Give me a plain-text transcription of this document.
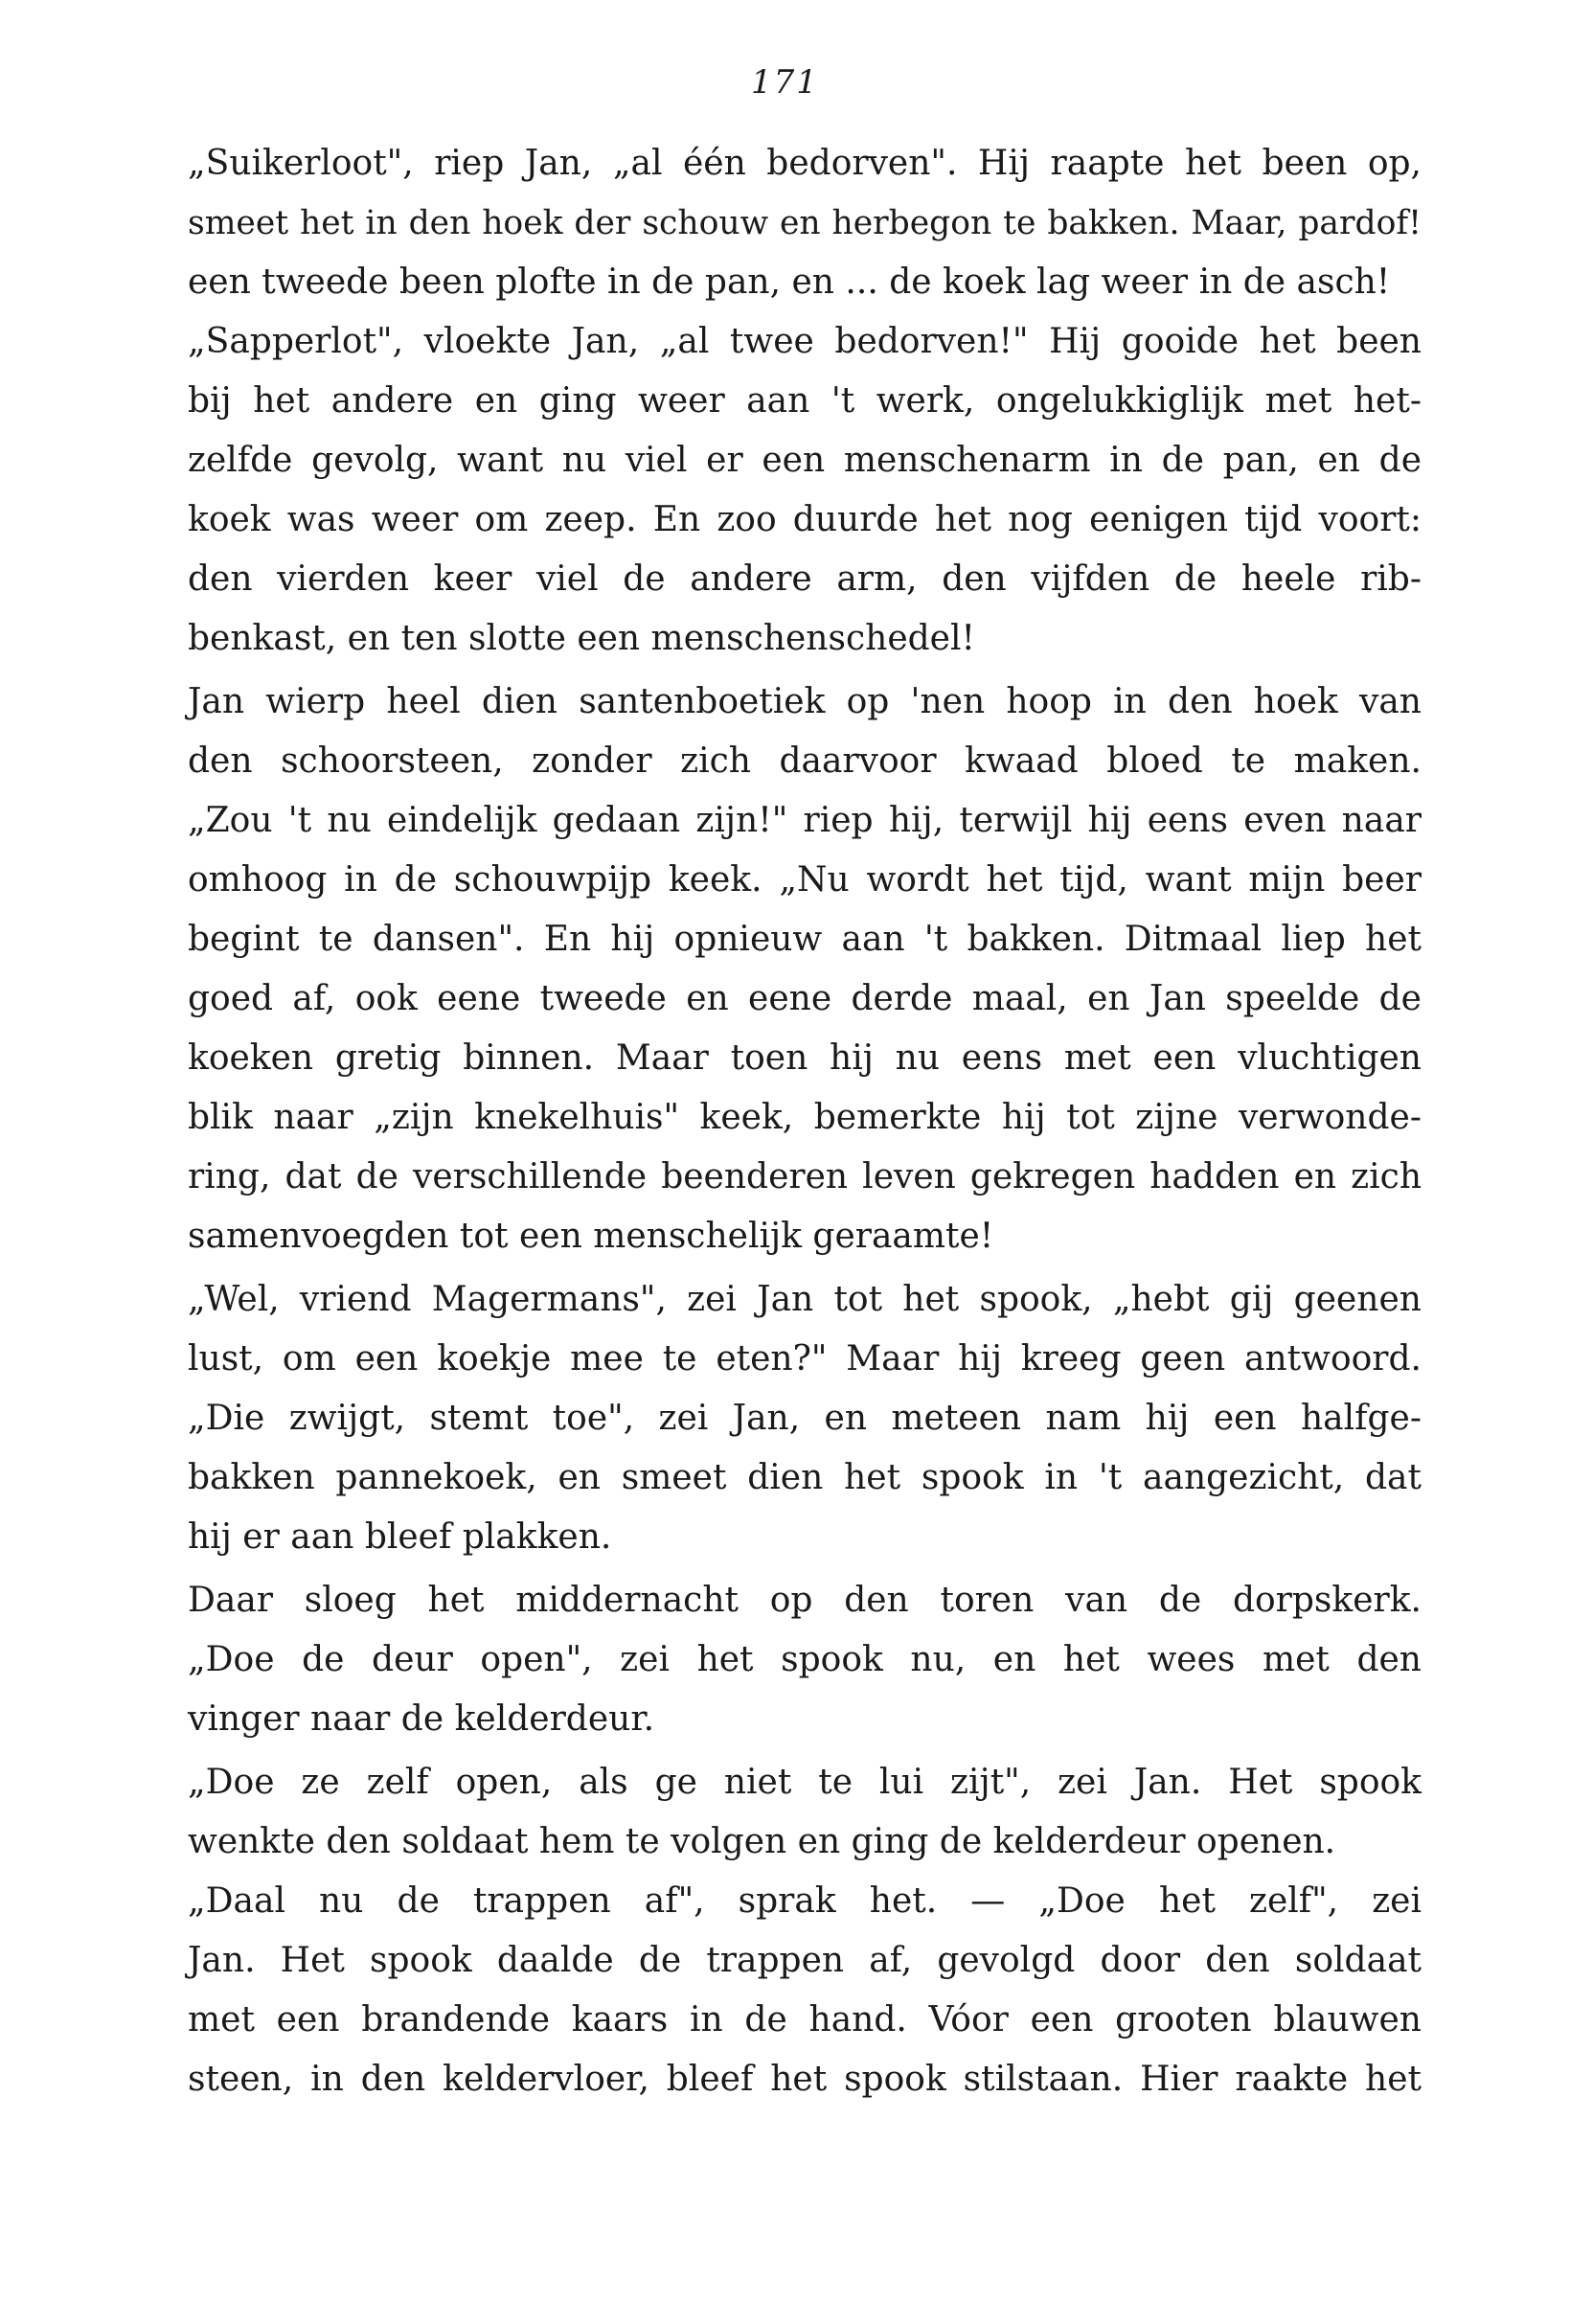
171
„Suikerloot", riep Jan, „al één bedorven". Hij raapte het been op,
smeet het in den hoek der schouw en herbegon te bakken. Maar, pardof!
een tweede been plofte in de pan, en ... de koek lag weer in de asch!
„Sapperlot", vloekte Jan, „al twee bedorven!" Hij gooide het been
bij het andere en ging weer aan 't werk, ongelukkiglijk met het-
zelfde gevolg, want nu viel er een menschenarm in de pan, en de
koek was weer om zeep. En zoo duurde het nog eenigen tijd voort:
den vierden keer viel de andere arm, den vijfden de heele rib-
benkast, en ten slotte een menschenschedel!
Jan wierp heel dien santenboetiek op 'nen hoop in den hoek van
den schoorsteen, zonder zich daarvoor kwaad bloed te maken.
„Zou 't nu eindelijk gedaan zijn!" riep hij, terwijl hij eens even naar
omhoog in de schouwpijp keek. „Nu wordt het tijd, want mijn beer
begint te dansen". En hij opnieuw aan 't bakken. Ditmaal liep het
goed af, ook eene tweede en eene derde maal, en Jan speelde de
koeken gretig binnen. Maar toen hij nu eens met een vluchtigen
blik naar „zijn knekelhuis" keek, bemerkte hij tot zijne verwonde-
ring, dat de verschillende beenderen leven gekregen hadden en zich
samenvoegden tot een menschelijk geraamte!
„Wel, vriend Magermans", zei Jan tot het spook, „hebt gij geenen
lust, om een koekje mee te eten?" Maar hij kreeg geen antwoord.
„Die zwijgt, stemt toe", zei Jan, en meteen nam hij een halfge-
bakken pannekoek, en smeet dien het spook in 't aangezicht, dat
hij er aan bleef plakken.
Daar sloeg het middernacht op den toren van de dorpskerk.
„Doe de deur open", zei het spook nu, en het wees met den
vinger naar de kelderdeur.
„Doe ze zelf open, als ge niet te lui zijt", zei Jan. Het spook
wenkte den soldaat hem te volgen en ging de kelderdeur openen.
„Daal nu de trappen af", sprak het. — „Doe het zelf", zei
Jan. Het spook daalde de trappen af, gevolgd door den soldaat
met een brandende kaars in de hand. Vóor een grooten blauwen
steen, in den keldervloer, bleef het spook stilstaan. Hier raakte het
